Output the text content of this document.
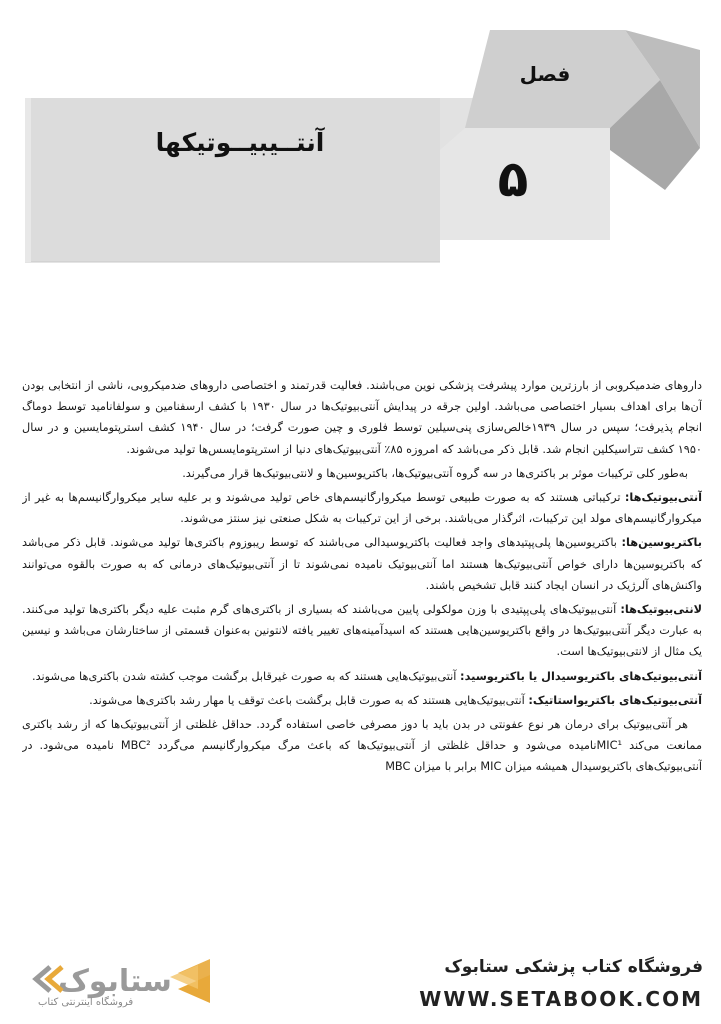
فصل
۵
آنتــیبیــوتیکها

داروهای ضدمیکروبی از بارزترین موارد پیشرفت پزشکی نوین می‌باشند. فعالیت قدرتمند و اختصاصی داروهای ضدمیکروبی، ناشی از انتخابی بودن آن‌ها برای اهداف بسیار اختصاصی می‌باشد. اولین جرقه در پیدایش آنتی‌بیوتیک‌ها در سال ۱۹۳۰ با کشف ارسفنامین و سولفانامید توسط دوماگ انجام پذیرفت؛ سپس در سال ۱۹۳۹خالص‌سازی پنی‌سیلین توسط فلوری و چین صورت گرفت؛ در سال ۱۹۴۰ کشف استرپتومایسین و در سال ۱۹۵۰ کشف تتراسیکلین انجام شد. قابل ذکر می‌باشد که امروزه ۸۵٪ آنتی‌بیوتیک‌های دنیا از استرپتومایسس‌ها تولید می‌شوند.

به‌طور کلی ترکیبات موثر بر باکتری‌ها در سه گروه آنتی‌بیوتیک‌ها، باکتریوسین‌ها و لانتی‌بیوتیک‌ها قرار می‌گیرند.

آنتی‌بیوتیک‌ها: ترکیباتی هستند که به صورت طبیعی توسط میکروارگانیسم‌های خاص تولید می‌شوند و بر علیه سایر میکروارگانیسم‌ها به غیر از میکروارگانیسم‌های مولد این ترکیبات، اثرگذار می‌باشند. برخی از این ترکیبات به شکل صنعتی نیز سنتز می‌شوند.

باکتریوسین‌ها: باکتریوسین‌ها پلی‌پپتیدهای واجد فعالیت باکتریوسیدالی می‌باشند که توسط ریبوزوم باکتری‌ها تولید می‌شوند. قابل ذکر می‌باشد که باکتریوسین‌ها دارای خواص آنتی‌بیوتیک‌ها هستند اما آنتی‌بیوتیک نامیده نمی‌شوند تا از آنتی‌بیوتیک‌های درمانی که به صورت بالقوه می‌توانند واکنش‌های آلرژیک در انسان ایجاد کنند قابل تشخیص باشند.

لانتی‌بیوتیک‌ها: آنتی‌بیوتیک‌های پلی‌پپتیدی با وزن مولکولی پایین می‌باشند که بسیاری از باکتری‌های گرم مثبت علیه دیگر باکتری‌ها تولید می‌کنند. به عبارت دیگر آنتی‌بیوتیک‌ها در واقع باکتریوسین‌هایی هستند که اسیدآمینه‌های تغییر یافته لانتونین به‌عنوان قسمتی از ساختارشان می‌باشد و نیسین یک مثال از لانتی‌بیوتیک‌ها است.

آنتی‌بیوتیک‌های باکتریوسیدال یا باکتریوسید: آنتی‌بیوتیک‌هایی هستند که به صورت غیرقابل برگشت موجب کشته شدن باکتری‌ها می‌شوند.

آنتی‌بیوتیک‌های باکتریواستاتیک: آنتی‌بیوتیک‌هایی هستند که به صورت قابل برگشت باعث توقف یا مهار رشد باکتری‌ها می‌شوند.

هر آنتی‌بیوتیک برای درمان هر نوع عفونتی در بدن باید با دوز مصرفی خاصی استفاده گردد. حداقل غلظتی از آنتی‌بیوتیک‌ها که از رشد باکتری ممانعت می‌کند MIC¹نامیده می‌شود و حداقل غلظتی از آنتی‌بیوتیک‌ها که باعث مرگ میکروارگانیسم می‌گردد MBC² نامیده می‌شود. در آنتی‌بیوتیک‌های باکتریوسیدال همیشه میزان MIC برابر با میزان MBC

ستابوک
فروشگاه اینترنتی کتاب
فروشگاه کتاب پزشکی ستابوک
WWW.SETABOOK.COM
